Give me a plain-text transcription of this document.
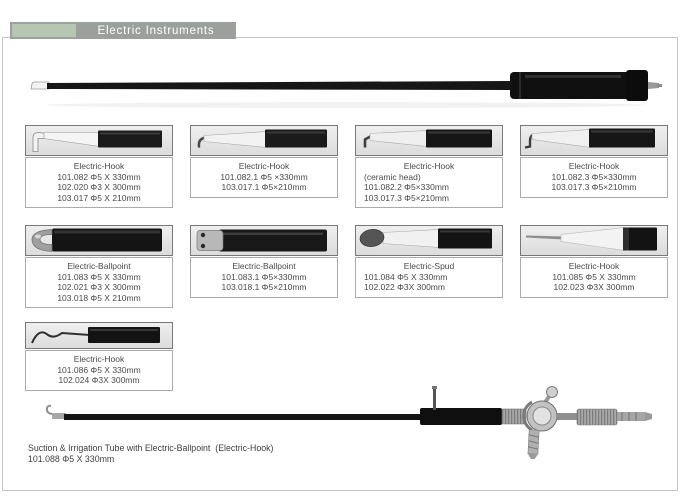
Electric Instruments
Electric-Hook
101.082 Φ5 X 330mm
102.020 Φ3 X 300mm
103.017 Φ5 X 210mm
Electric-Hook
101.082.1 Φ5 ×330mm
103.017.1 Φ5×210mm
Electric-Hook
(ceramic head)
101.082.2 Φ5×330mm
103.017.3 Φ5×210mm
Electric-Hook
101.082.3 Φ5×330mm
103.017.3 Φ5×210mm
Electric-Ballpoint
101.083 Φ5 X 330mm
102.021 Φ3 X 300mm
103.018 Φ5 X 210mm
Electric-Ballpoint
101.083.1 Φ5×330mm
103.018.1 Φ5×210mm
Electric-Spud
101.084 Φ5 X 330mm
102.022 Φ3X 300mm
Electric-Hook
101.085 Φ5 X 330mm
102.023 Φ3X 300mm
Electric-Hook
101.086 Φ5 X 330mm
102.024 Φ3X 300mm
Suction & Irrigation Tube with Electric-Ballpoint  (Electric-Hook)
101.088 Φ5 X 330mm
